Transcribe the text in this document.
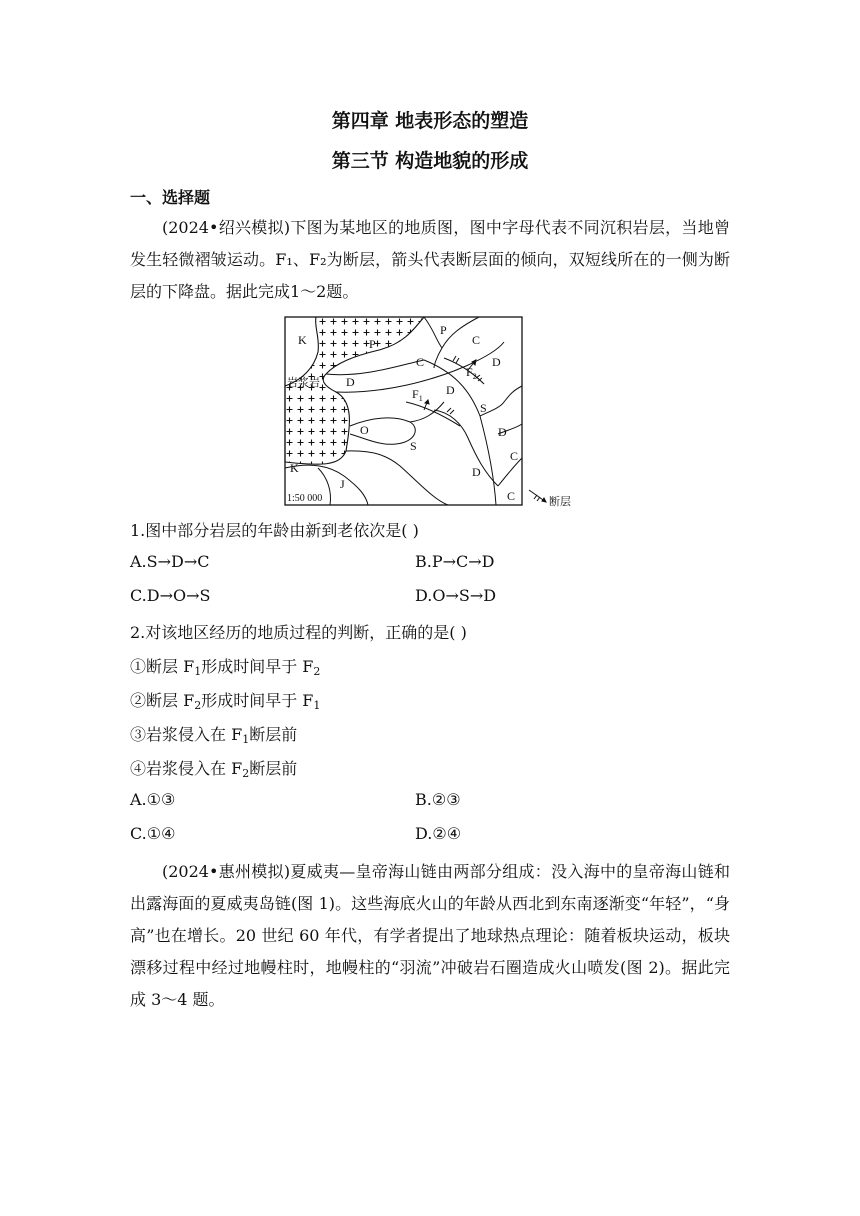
第四章 地表形态的塑造
第三节 构造地貌的形成
一、选择题

(2024•绍兴模拟)下图为某地区的地质图，图中字母代表不同沉积岩层，当地曾发生轻微褶皱运动。F₁、F₂为断层，箭头代表断层面的倾向，双短线所在的一侧为断层的下降盘。据此完成1～2题。

K
岩浆岩
P
P
C
C	D
D
$F_1$
D
$F_2$
S
O
S
D
C
D
K
J
C
1:50 000	断层
1.图中部分岩层的年龄由新到老依次是( )
A.S→D→C	B.P→C→D
C.D→O→S	D.O→S→D
2.对该地区经历的地质过程的判断，正确的是( )
①断层 $F_1$形成时间早于 $F_2$
②断层 $F_2$形成时间早于 $F_1$
③岩浆侵入在 $F_1$断层前
④岩浆侵入在 $F_2$断层前
A.①③	B.②③
C.①④	D.②④

(2024•惠州模拟)夏威夷—皇帝海山链由两部分组成：没入海中的皇帝海山链和出露海面的夏威夷岛链(图 1)。这些海底火山的年龄从西北到东南逐渐变“年轻”，“身高”也在增长。20 世纪 60 年代，有学者提出了地球热点理论：随着板块运动，板块漂移过程中经过地幔柱时，地幔柱的“羽流”冲破岩石圈造成火山喷发(图 2)。据此完成 3～4 题。
